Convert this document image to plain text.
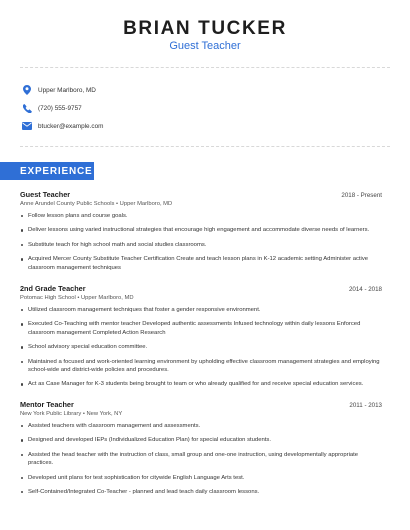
BRIAN TUCKER
Guest Teacher
Upper Marlboro, MD
(720) 555-9757
btucker@example.com
EXPERIENCE
Guest Teacher	2018 - Present
Anne Arundel County Public Schools • Upper Marlboro, MD
Follow lesson plans and course goals.
Deliver lessons using varied instructional strategies that encourage high engagement and accommodate diverse needs of learners.
Substitute teach for high school math and social studies classrooms.
Acquired Mercer County Substitute Teacher Certification Create and teach lesson plans in K-12 academic setting Administer active classroom management techniques
2nd Grade Teacher	2014 - 2018
Potomac High School • Upper Marlboro, MD
Utilized classroom management techniques that foster a gender responsive environment.
Executed Co-Teaching with mentor teacher Developed authentic assessments Infused technology within daily lessons Enforced classroom management Completed Action Research
School advisory special education committee.
Maintained a focused and work-oriented learning environment by upholding effective classroom management strategies and employing school-wide and district-wide policies and procedures.
Act as Case Manager for K-3 students being brought to team or who already qualified for and receive special education services.
Mentor Teacher	2011 - 2013
New York Public Library • New York, NY
Assisted teachers with classroom management and assessments.
Designed and developed IEPs (Individualized Education Plan) for special education students.
Assisted the head teacher with the instruction of class, small group and one-one instruction, using developmentally appropriate practices.
Developed unit plans for test sophistication for citywide English Language Arts test.
Self-Contained/Integrated Co-Teacher - planned and lead teach daily classroom lessons.
